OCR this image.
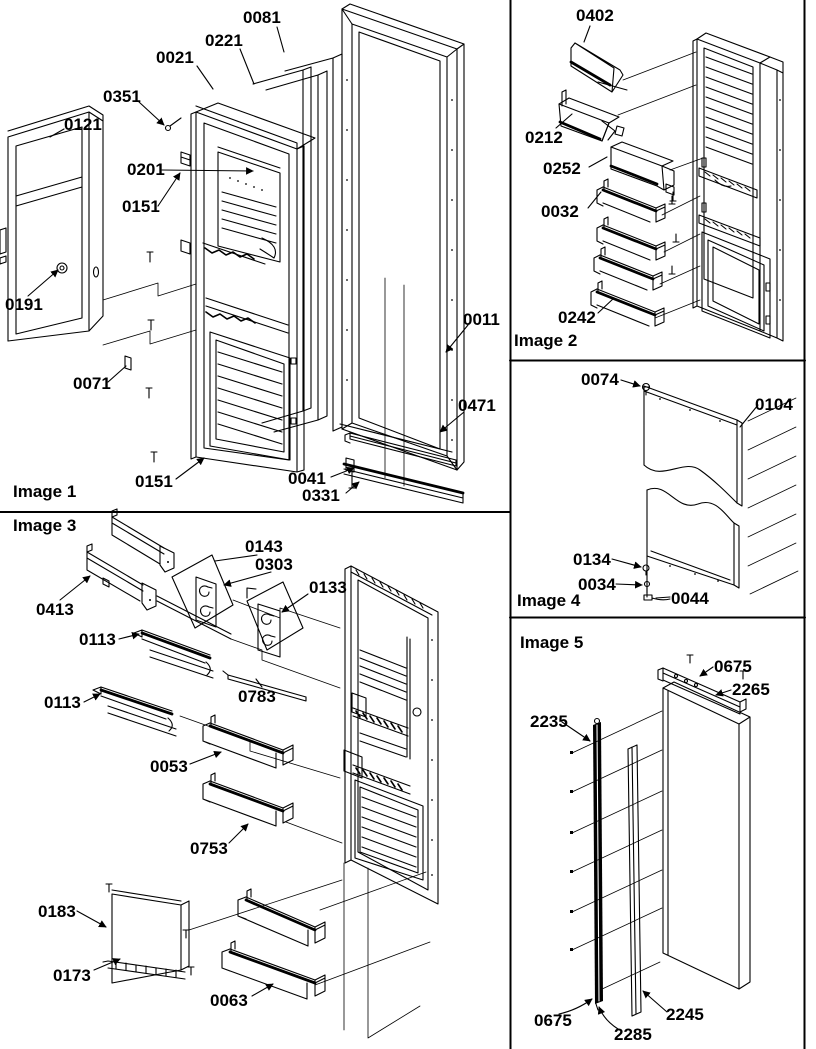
0081
0221
0021
0351
0121
0201
0151
0191
0071
0011
0471
0151	0041
0331
Image 1
0402
0212
0252
0032
0242
Image 2
0074
0104
0134
0034
0044
Image 4
Image 5
0675
2265
2235
0675
2285
2245
Image 3
0143
0303
0133
0413
0113
0113	0783
0053
0753
0183
0173
0063
